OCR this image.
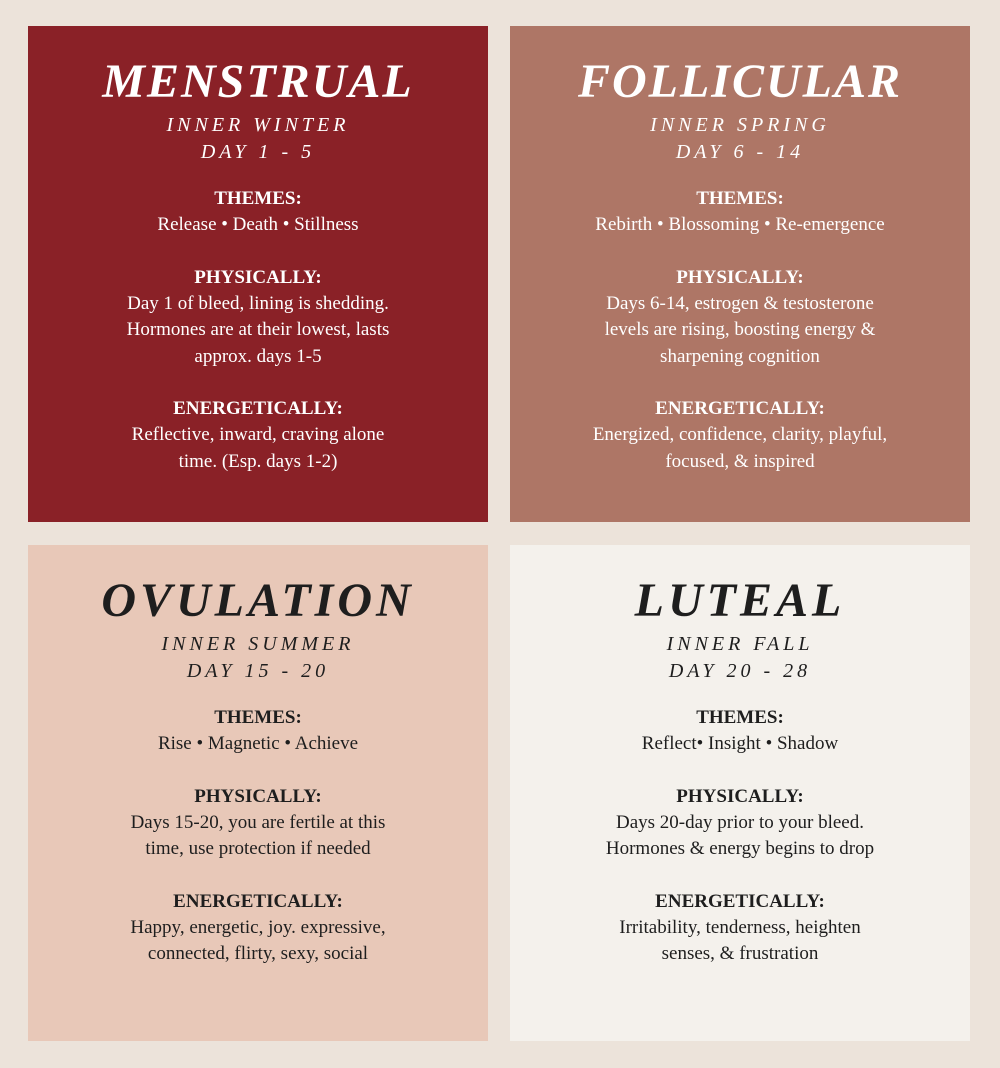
MENSTRUAL
INNER WINTER
DAY 1 - 5
THEMES:
Release • Death • Stillness
PHYSICALLY:
Day 1 of bleed, lining is shedding.
Hormones are at their lowest, lasts
approx. days 1-5
ENERGETICALLY:
Reflective, inward, craving alone
time. (Esp. days 1-2)
FOLLICULAR
INNER SPRING
DAY 6 - 14
THEMES:
Rebirth • Blossoming • Re-emergence
PHYSICALLY:
Days 6-14, estrogen & testosterone
levels are rising, boosting energy &
sharpening cognition
ENERGETICALLY:
Energized, confidence, clarity, playful,
focused, & inspired
OVULATION
INNER SUMMER
DAY 15 - 20
THEMES:
Rise • Magnetic • Achieve
PHYSICALLY:
Days 15-20, you are fertile at this
time, use protection if needed
ENERGETICALLY:
Happy, energetic, joy. expressive,
connected, flirty, sexy, social
LUTEAL
INNER FALL
DAY 20 - 28
THEMES:
Reflect• Insight • Shadow
PHYSICALLY:
Days 20-day prior to your bleed.
Hormones & energy begins to drop
ENERGETICALLY:
Irritability, tenderness, heighten
senses, & frustration
